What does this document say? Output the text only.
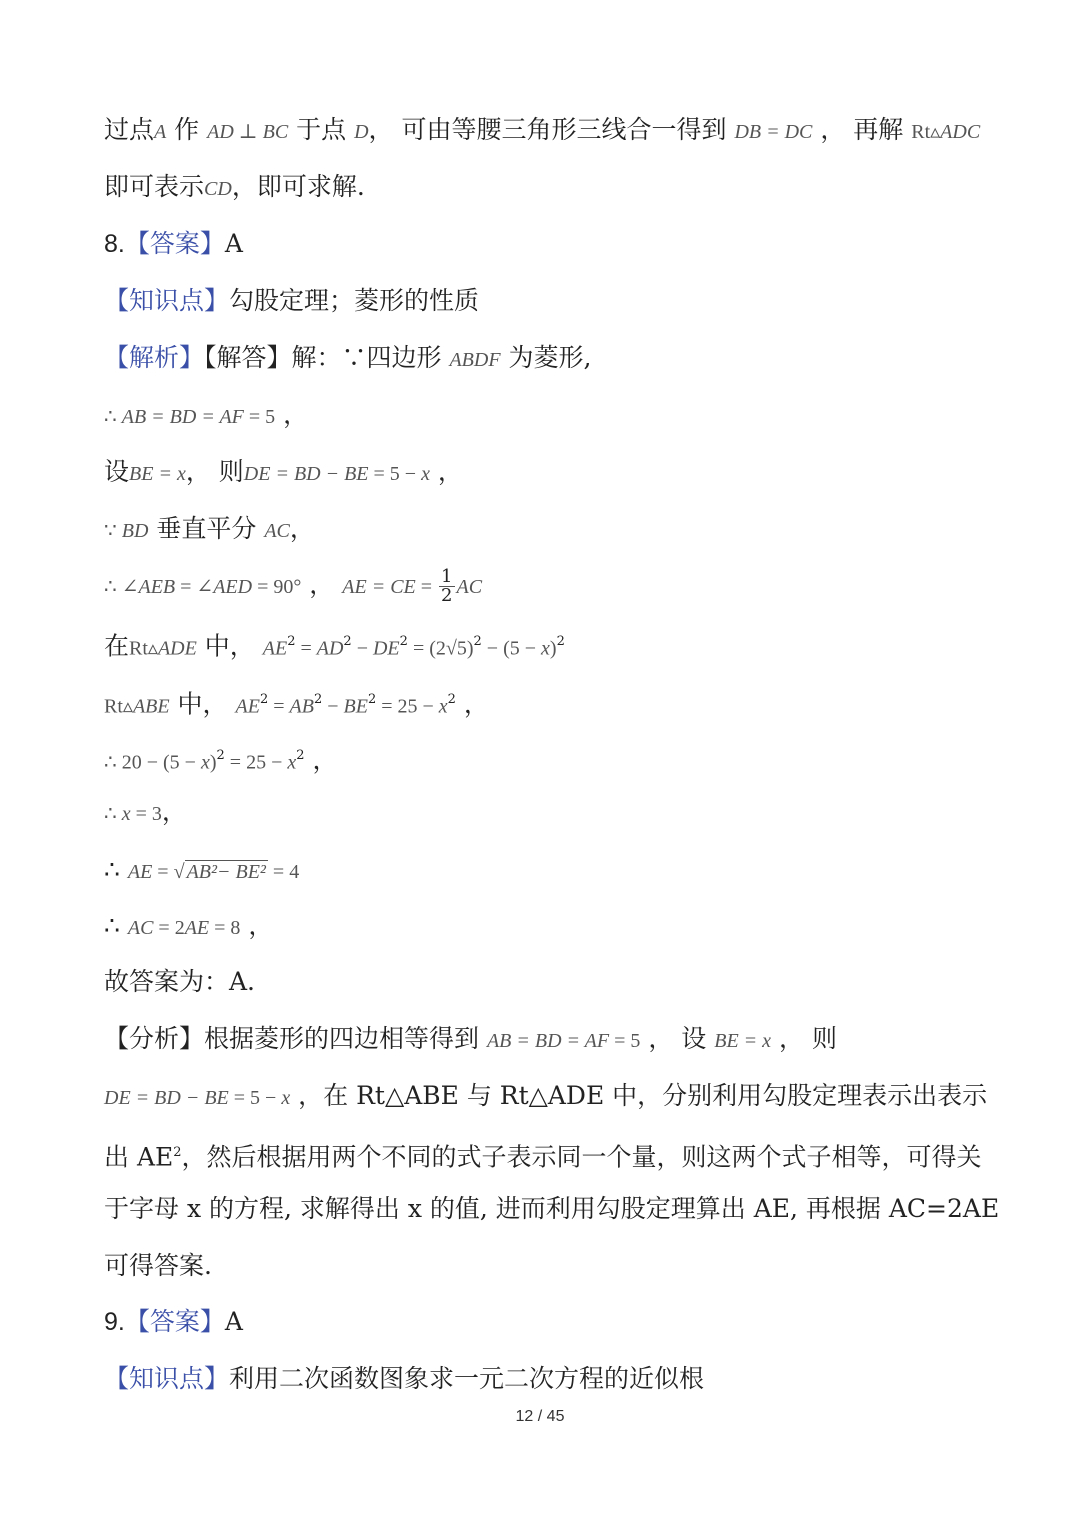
过点A 作 AD ⊥ BC 于点 D， 可由等腰三角形三线合一得到 DB = DC ， 再解 Rt▵ADC
即可表示CD，即可求解.
8.【答案】A
【知识点】勾股定理；菱形的性质
【解析】【解答】解：∵四边形 ABDF 为菱形,
∴ AB = BD = AF = 5 ，
设BE = x， 则DE = BD − BE = 5 − x ，
∵ BD 垂直平分 AC，
∴ ∠AEB = ∠AED = 90° ， AE = CE = $\frac{1}{2}$ AC
在Rt▵ADE 中， $AE^2 = AD^2 - DE^2 = (2√5)^2 - (5 - x)^2$
Rt▵ABE 中， $AE^2 = AB^2 - BE^2 = 25 - x^2$ ，
∴ $20 - (5 - x)^2 = 25 - x^2$ ，
∴ x = 3，
∴ AE = √ AB²− BE² = 4
∴ AC = 2AE = 8 ，
故答案为：A.
【分析】根据菱形的四边相等得到 AB = BD = AF = 5 ， 设 BE = x ， 则
DE = BD − BE = 5 − x ，在 Rt△ABE 与 Rt△ADE 中，分别利用勾股定理表示出表示
出 $AE^2$，然后根据用两个不同的式子表示同一个量，则这两个式子相等，可得关
于字母 x 的方程, 求解得出 x 的值, 进而利用勾股定理算出 AE, 再根据 AC=2AE
可得答案.
9.【答案】A
【知识点】利用二次函数图象求一元二次方程的近似根
12 / 45
